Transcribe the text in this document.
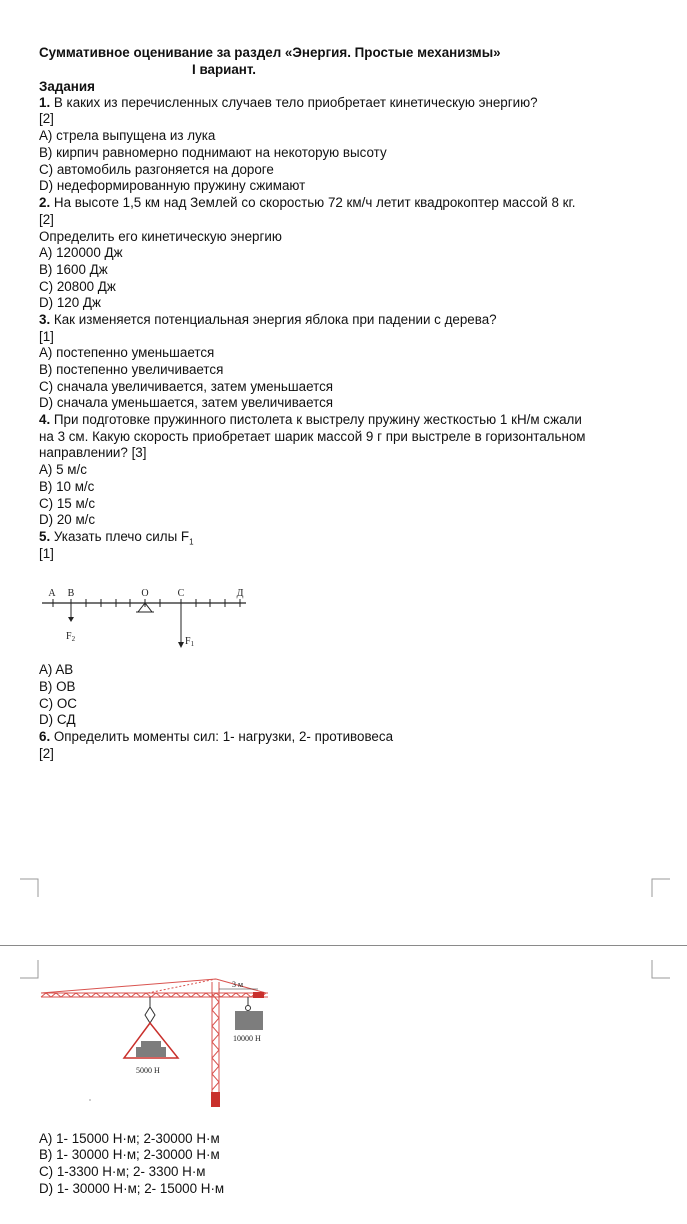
Суммативное оценивание за раздел «Энергия. Простые механизмы»
I вариант.
Задания
1. В каких из перечисленных случаев тело приобретает кинетическую энергию?
[2]
A) стрела выпущена из лука
B) кирпич равномерно поднимают на некоторую высоту
C) автомобиль разгоняется на дороге
D) недеформированную пружину сжимают
2. На высоте 1,5 км над Землей со скоростью 72 км/ч летит квадрокоптер массой 8 кг.
[2]
Определить его кинетическую энергию
A) 120000 Дж
B) 1600 Дж
C) 20800 Дж
D) 120 Дж
3. Как изменяется потенциальная энергия яблока при падении с дерева?
[1]
A) постепенно уменьшается
B) постепенно увеличивается
C) сначала увеличивается, затем уменьшается
D) сначала уменьшается, затем увеличивается
4. При подготовке пружинного пистолета к выстрелу пружину жесткостью 1 кН/м сжали
на 3 см. Какую скорость приобретает шарик массой 9 г при выстреле в горизонтальном
направлении? [3]
A) 5 м/с
B) 10 м/с
C) 15 м/с
D) 20 м/с
5. Указать плечо силы $F_1$
[1]
А В	О	С	Д
$F_2$	$F_1$
A) AB
B) OB
C) OC
D) CД
6. Определить моменты сил: 1- нагрузки, 2- противовеса
[2]
3 м
10000 Н
5000 Н
A) 1- 15000 Н·м; 2-30000 Н·м
B) 1- 30000 Н·м; 2-30000 Н·м
C) 1-3300 Н·м; 2- 3300 Н·м
D) 1- 30000 Н·м; 2- 15000 Н·м
